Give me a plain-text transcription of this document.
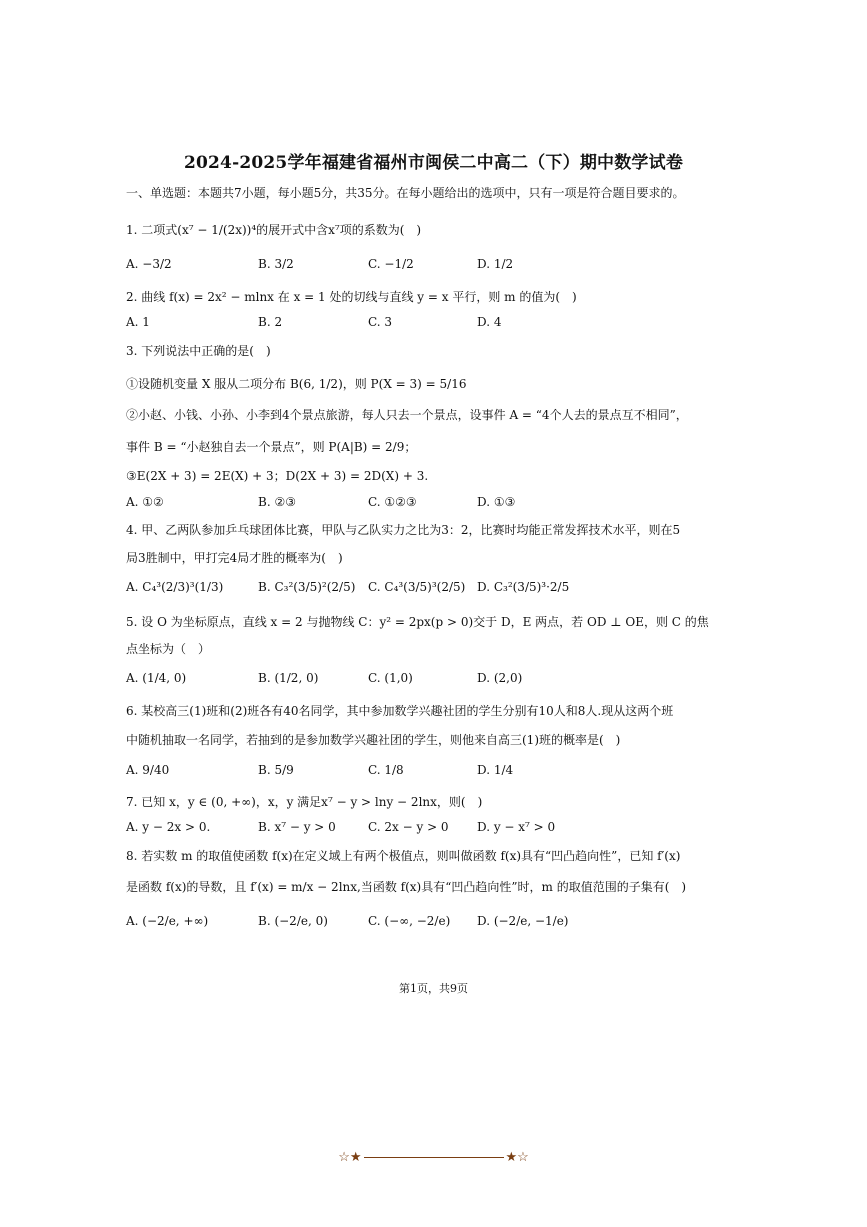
2024-2025学年福建省福州市闽侯二中高二（下）期中数学试卷
一、单选题：本题共7小题，每小题5分，共35分。在每小题给出的选项中，只有一项是符合题目要求的。
1. 二项式(x⁷ − 1/(2x))⁴的展开式中含x⁷项的系数为(　)
A. −3/2	B. 3/2	C. −1/2	D. 1/2
2. 曲线 f(x) = 2x² − mlnx 在 x = 1 处的切线与直线 y = x 平行，则 m 的值为(　)
A. 1	B. 2	C. 3	D. 4
3. 下列说法中正确的是(　)
①设随机变量 X 服从二项分布 B(6, 1/2)，则 P(X = 3) = 5/16
②小赵、小钱、小孙、小李到4个景点旅游，每人只去一个景点，设事件 A = “4个人去的景点互不相同”，
事件 B = “小赵独自去一个景点”，则 P(A|B) = 2/9；
③E(2X + 3) = 2E(X) + 3；D(2X + 3) = 2D(X) + 3.
A. ①②	B. ②③	C. ①②③	D. ①③
4. 甲、乙两队参加乒乓球团体比赛，甲队与乙队实力之比为3：2，比赛时均能正常发挥技术水平，则在5
局3胜制中，甲打完4局才胜的概率为(　)
A. C₄³(2/3)³(1/3)	B. C₃²(3/5)²(2/5) C. C₄³(3/5)³(2/5) D. C₃²(3/5)³·2/5
5. 设 O 为坐标原点，直线 x = 2 与抛物线 C：y² = 2px(p > 0)交于 D，E 两点，若 OD ⊥ OE，则 C 的焦
点坐标为（　）
A. (1/4, 0)	B. (1/2, 0)	C. (1,0)	D. (2,0)
6. 某校高三(1)班和(2)班各有40名同学，其中参加数学兴趣社团的学生分别有10人和8人.现从这两个班
中随机抽取一名同学，若抽到的是参加数学兴趣社团的学生，则他来自高三(1)班的概率是(　)
A. 9/40	B. 5/9	C. 1/8	D. 1/4
7. 已知 x，y ∈ (0, +∞)，x，y 满足x⁷ − y > lny − 2lnx，则(　)
A. y − 2x > 0.	B. x⁷ − y > 0	C. 2x − y > 0 D. y − x⁷ > 0
8. 若实数 m 的取值使函数 f(x)在定义域上有两个极值点，则叫做函数 f(x)具有“凹凸趋向性”，已知 f′(x)
是函数 f(x)的导数，且 f′(x) = m/x − 2lnx,当函数 f(x)具有“凹凸趋向性”时，m 的取值范围的子集有(　)
A. (−2/e, +∞)	B. (−2/e, 0)	C. (−∞, −2/e) D. (−2/e, −1/e)
第1页，共9页
☆★	★☆
